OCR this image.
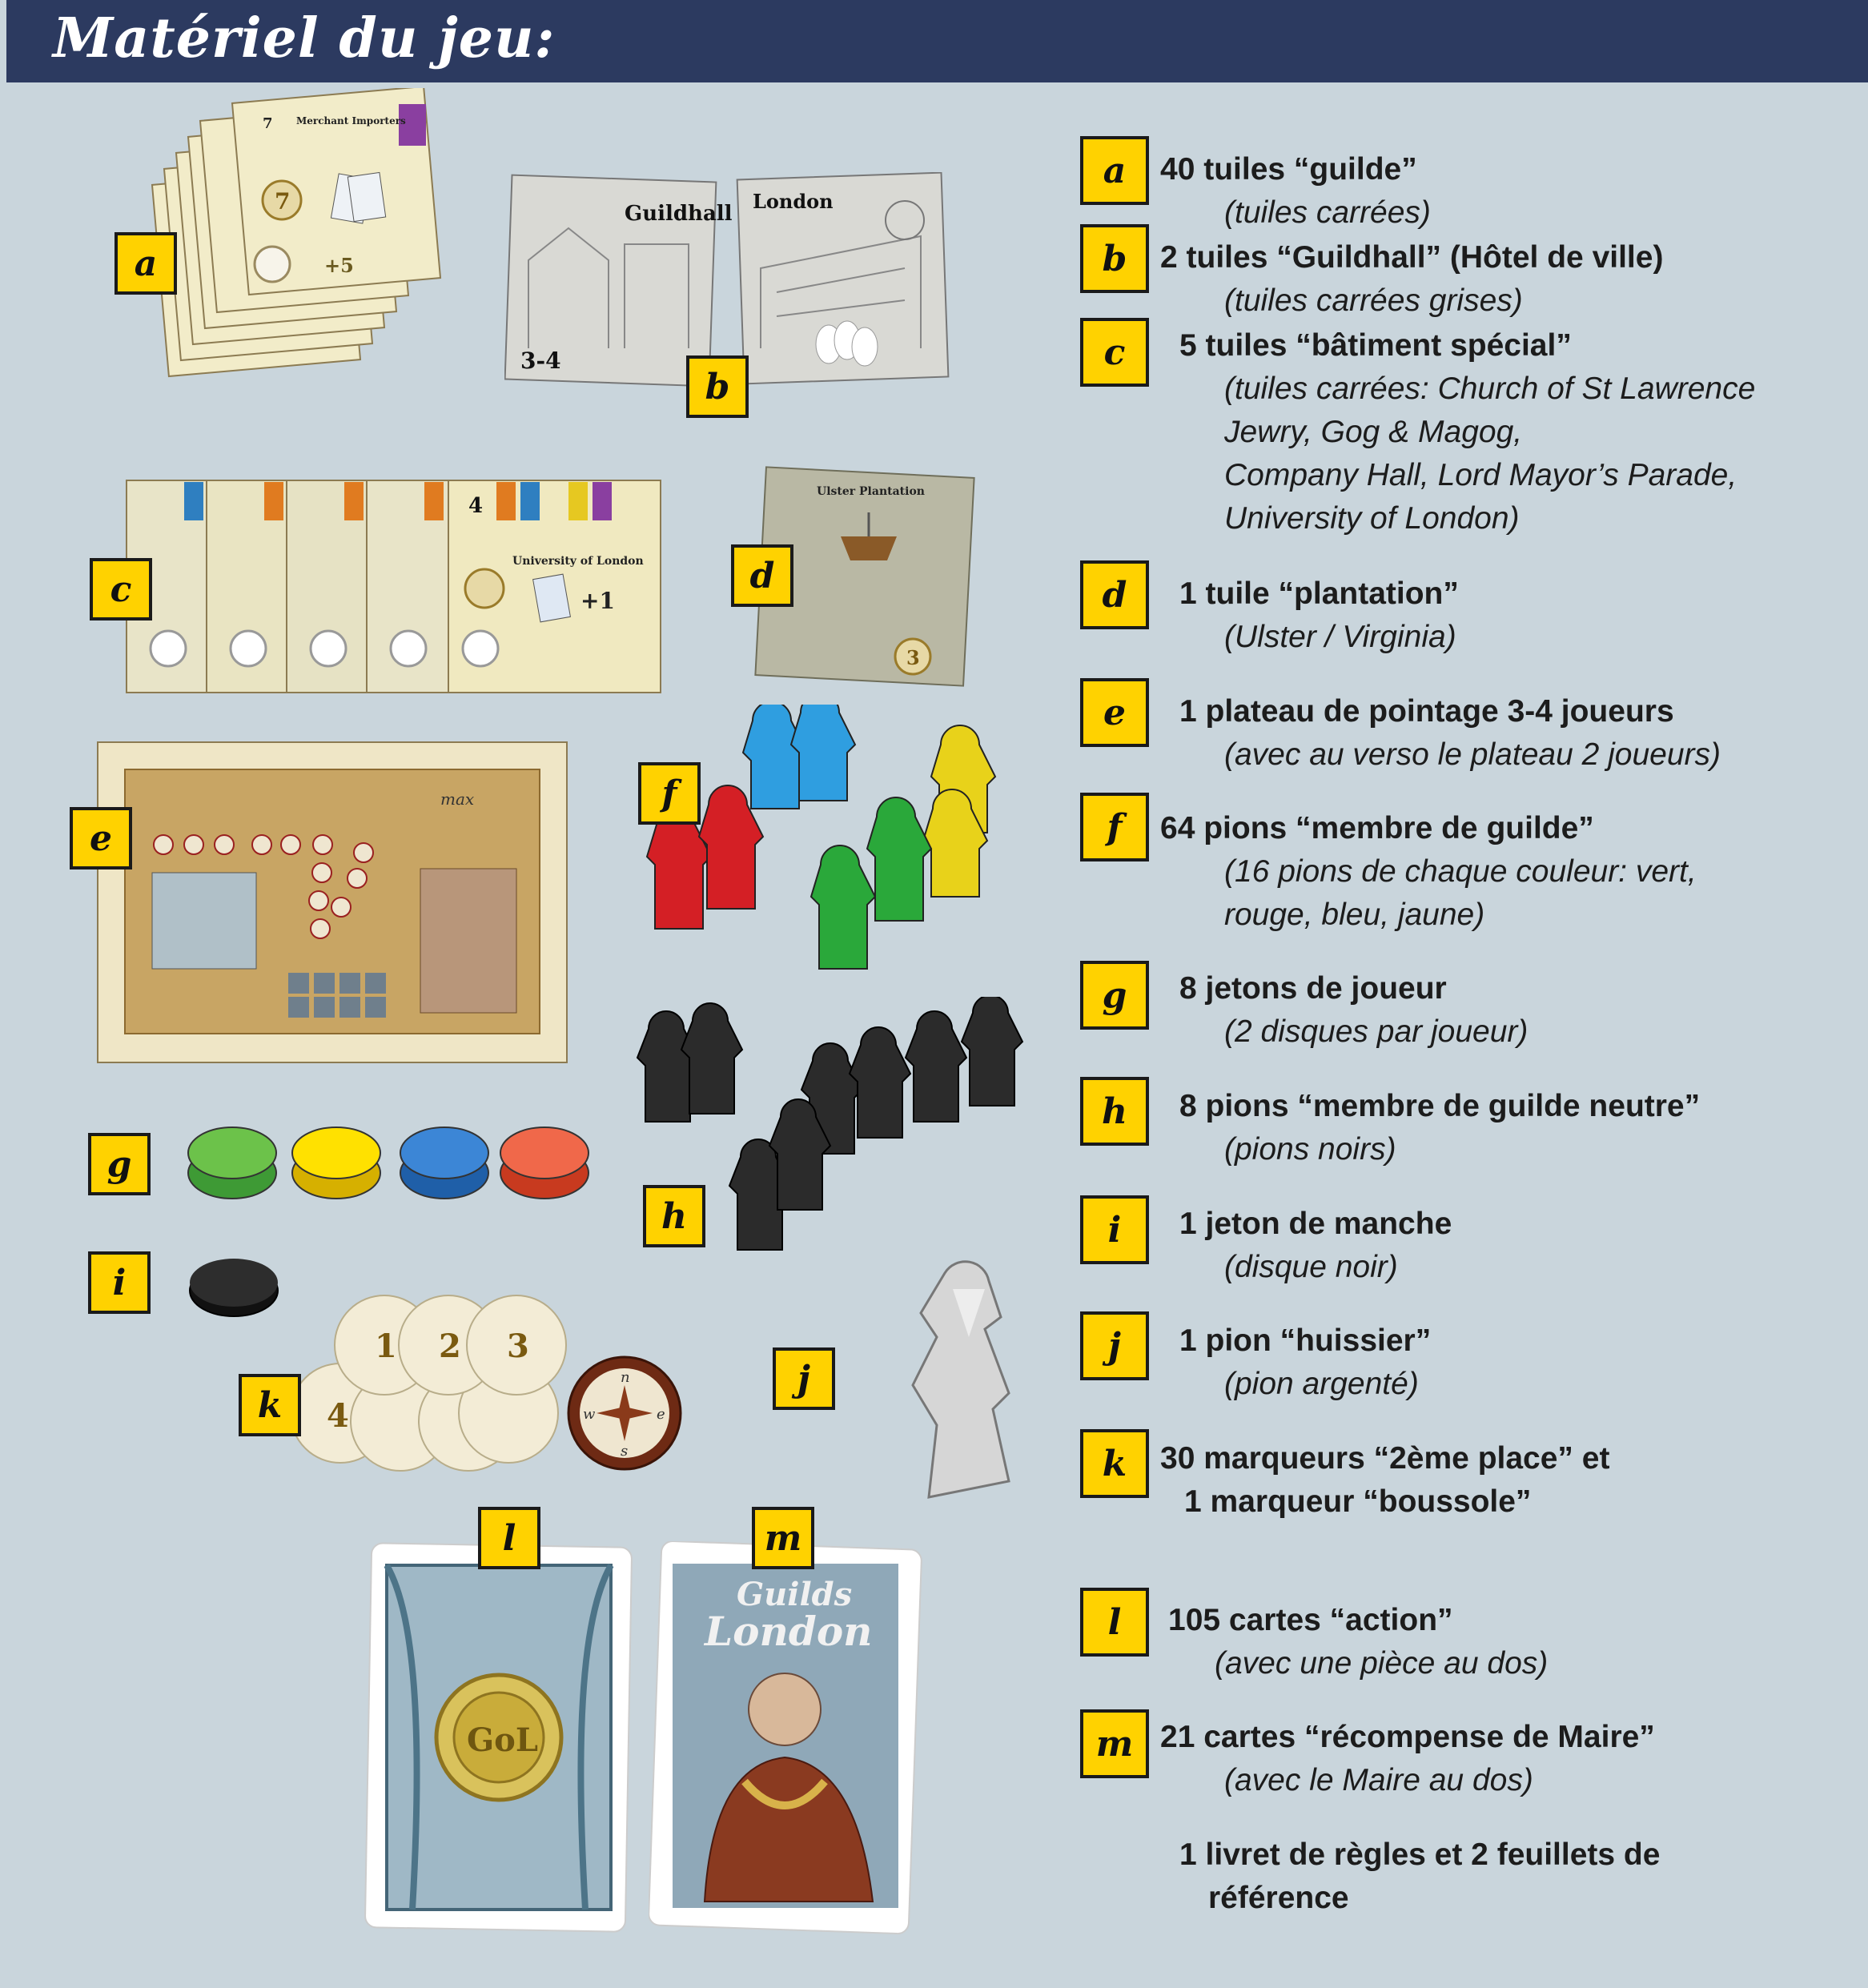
Matériel du jeu:
7 Merchant Importers
7
+5
Guildhall
3-4
London
4
University of London
+1
Ulster Plantation
3
max
4
1 2 3
n
w	e
s
GoL
Guilds
London
a
b
c	d
e
f
g
h
i
j
k
l	m
a	40 tuiles “guilde”
(tuiles carrées)
b	2 tuiles “Guildhall” (Hôtel de ville)
(tuiles carrées grises)
c	5 tuiles “bâtiment spécial”
(tuiles carrées: Church of St Lawrence
Jewry, Gog & Magog,
Company Hall, Lord Mayor’s Parade,
University of London)
d	1 tuile “plantation”
(Ulster / Virginia)
e	1 plateau de pointage 3-4 joueurs
(avec au verso le plateau 2 joueurs)
f	64 pions “membre de guilde”
(16 pions de chaque couleur: vert,
rouge, bleu, jaune)
g	8 jetons de joueur
(2 disques par joueur)
h	8 pions “membre de guilde neutre”
(pions noirs)
i	1 jeton de manche
(disque noir)
j	1 pion “huissier”
(pion argenté)
k	30 marqueurs “2ème place” et
1 marqueur “boussole”
l	105 cartes “action”
(avec une pièce au dos)
m 21 cartes “récompense de Maire”
(avec le Maire au dos)
1 livret de règles et 2 feuillets de
référence
